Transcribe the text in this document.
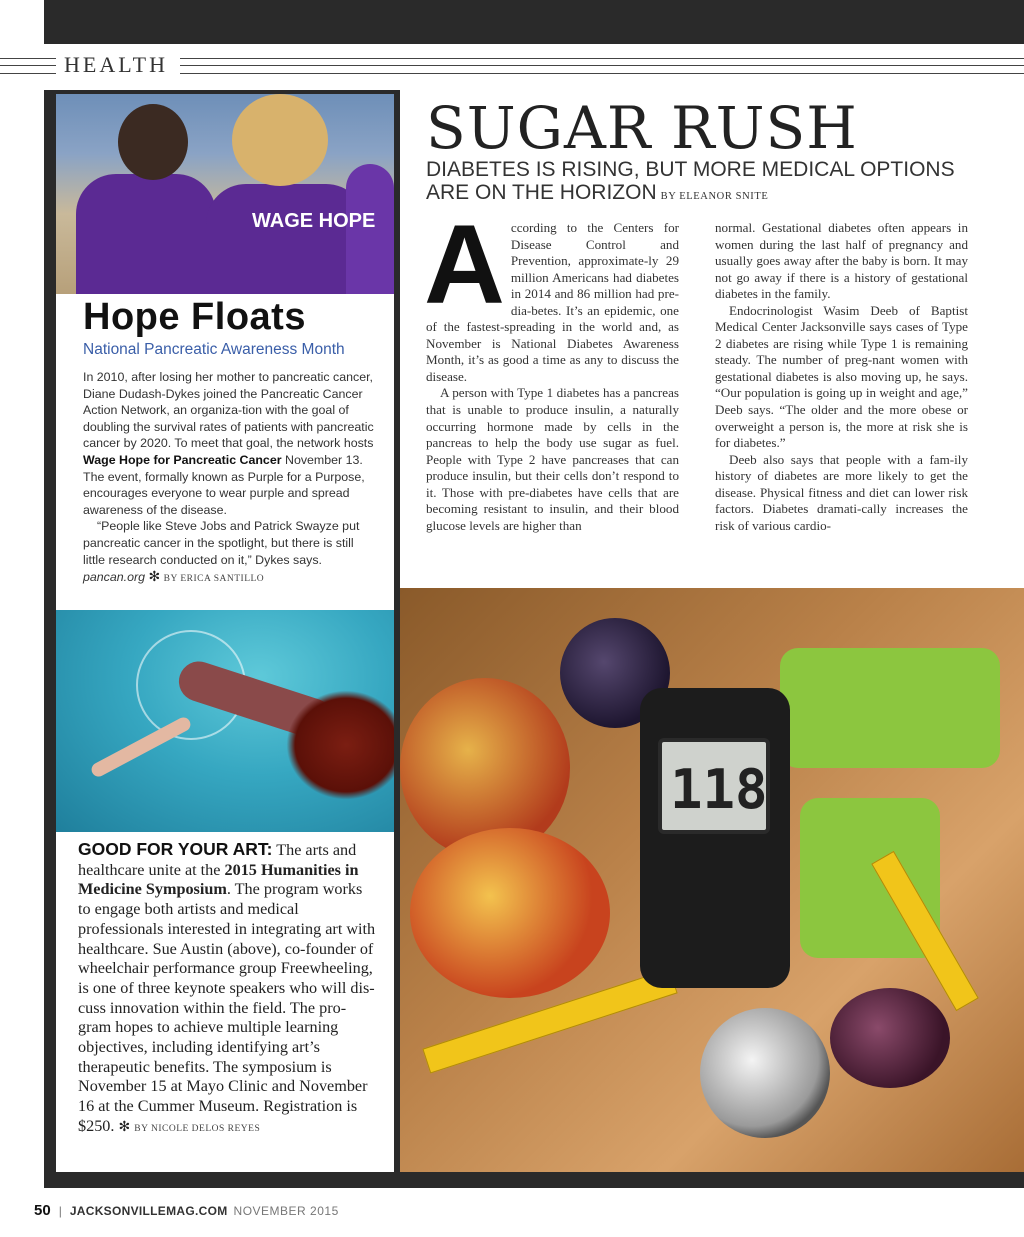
HEALTH
WAGE HOPE
Hope Floats
National Pancreatic Awareness Month

In 2010, after losing her mother to pancreatic cancer, Diane Dudash-Dykes joined the Pancreatic Cancer Action Network, an organiza-tion with the goal of doubling the survival rates of patients with pancreatic cancer by 2020. To meet that goal, the network hosts Wage Hope for Pancreatic Cancer November 13. The event, formally known as Purple for a Purpose, encourages everyone to wear purple and spread awareness of the disease.

“People like Steve Jobs and Patrick Swayze put pancreatic cancer in the spotlight, but there is still little research conducted on it,” Dykes says. pancan.org ✻ BY ERICA SANTILLO

GOOD FOR YOUR ART: The arts and healthcare unite at the 2015 Humanities in Medicine Symposium. The program works to engage both artists and medical professionals interested in integrating art with healthcare. Sue Austin (above), co-founder of wheelchair performance group Freewheeling, is one of three keynote speakers who will dis-cuss innovation within the field. The pro-gram hopes to achieve multiple learning objectives, including identifying art’s therapeutic benefits. The symposium is November 15 at Mayo Clinic and November 16 at the Cummer Museum. Registration is $250. ✻ BY NICOLE DELOS REYES

SUGAR RUSH
DIABETES IS RISING, BUT MORE MEDICAL OPTIONS ARE ON THE HORIZON BY ELEANOR SNITE

According to the Centers for Disease Control and Prevention, approximate-ly 29 million Americans had diabetes in 2014 and 86 million had pre-dia-betes. It’s an epidemic, one of the fastest-spreading in the world and, as November is National Diabetes Awareness Month, it’s as good a time as any to discuss the disease.

A person with Type 1 diabetes has a pancreas that is unable to produce insulin, a naturally occurring hormone made by cells in the pancreas to help the body use sugar as fuel. People with Type 2 have pancreases that can produce insulin, but their cells don’t respond to it. Those with pre-diabetes have cells that are becoming resistant to insulin, and their blood glucose levels are higher than

normal. Gestational diabetes often appears in women during the last half of pregnancy and usually goes away after the baby is born. It may not go away if there is a history of gestational diabetes in the family.

Endocrinologist Wasim Deeb of Baptist Medical Center Jacksonville says cases of Type 2 diabetes are rising while Type 1 is remaining steady. The number of preg-nant women with gestational diabetes is also moving up, he says. “Our population is going up in weight and age,” Deeb says. “The older and the more obese or overweight a person is, the more at risk she is for diabetes.”

Deeb also says that people with a fam-ily history of diabetes are more likely to get the disease. Physical fitness and diet can lower risk factors. Diabetes dramati-cally increases the risk of various cardio-

118
50 | JACKSONVILLEMAG.COM NOVEMBER 2015
